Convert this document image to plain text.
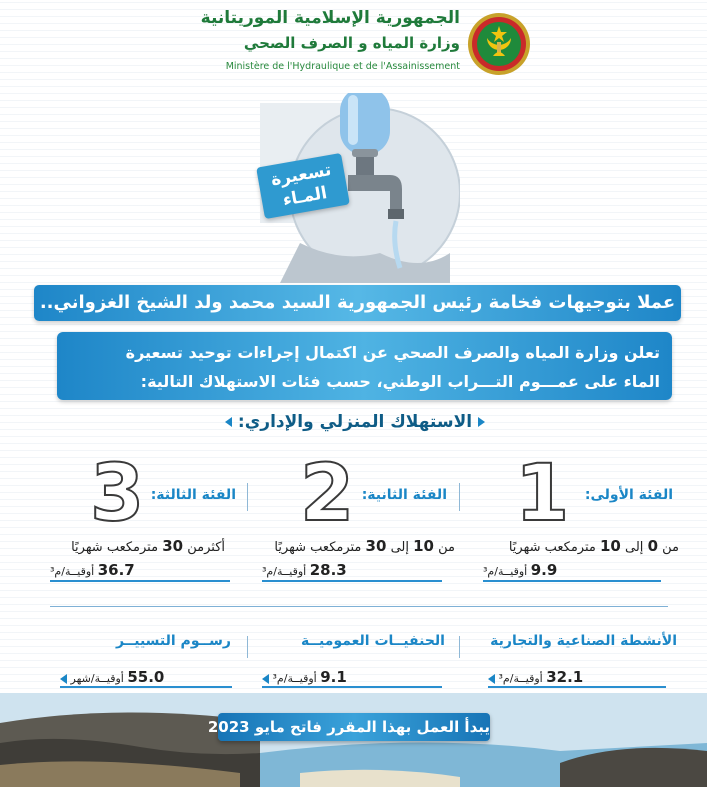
الجمهورية الإسلامية الموريتانية
وزارة المياه و الصرف الصحي
Ministère de l'Hydraulique et de l'Assainissement
تسعيرة
المـاء
عملا بتوجيهات فخامة رئيس الجمهورية السيد محمد ولد الشيخ الغزواني..
تعلن وزارة المياه والصرف الصحي عن اكتمال إجراءات توحيد تسعيرة
الماء على عمـــوم التـــراب الوطني، حسب فئات الاستهلاك التالية:
الاستهلاك المنزلي والإداري:
الفئة الأولى:
1
من 0 إلى 10 مترمكعب شهريًا
9.9 أوقيــة/م³
الفئة الثانية:
2
من 10 إلى 30 مترمكعب شهريًا
28.3 أوقيــة/م³
الفئة الثالثة:
3
أكثرمن 30 مترمكعب شهريًا
36.7 أوقيــة/م³
الأنشطة الصناعية والتجارية
32.1 أوقيــة/م³
الحنفيــات العموميــة
9.1 أوقيــة/م³
رســوم التسييــر
55.0 أوقيــة/شهر
يبدأ العمل بهذا المقرر فاتح مايو 2023
